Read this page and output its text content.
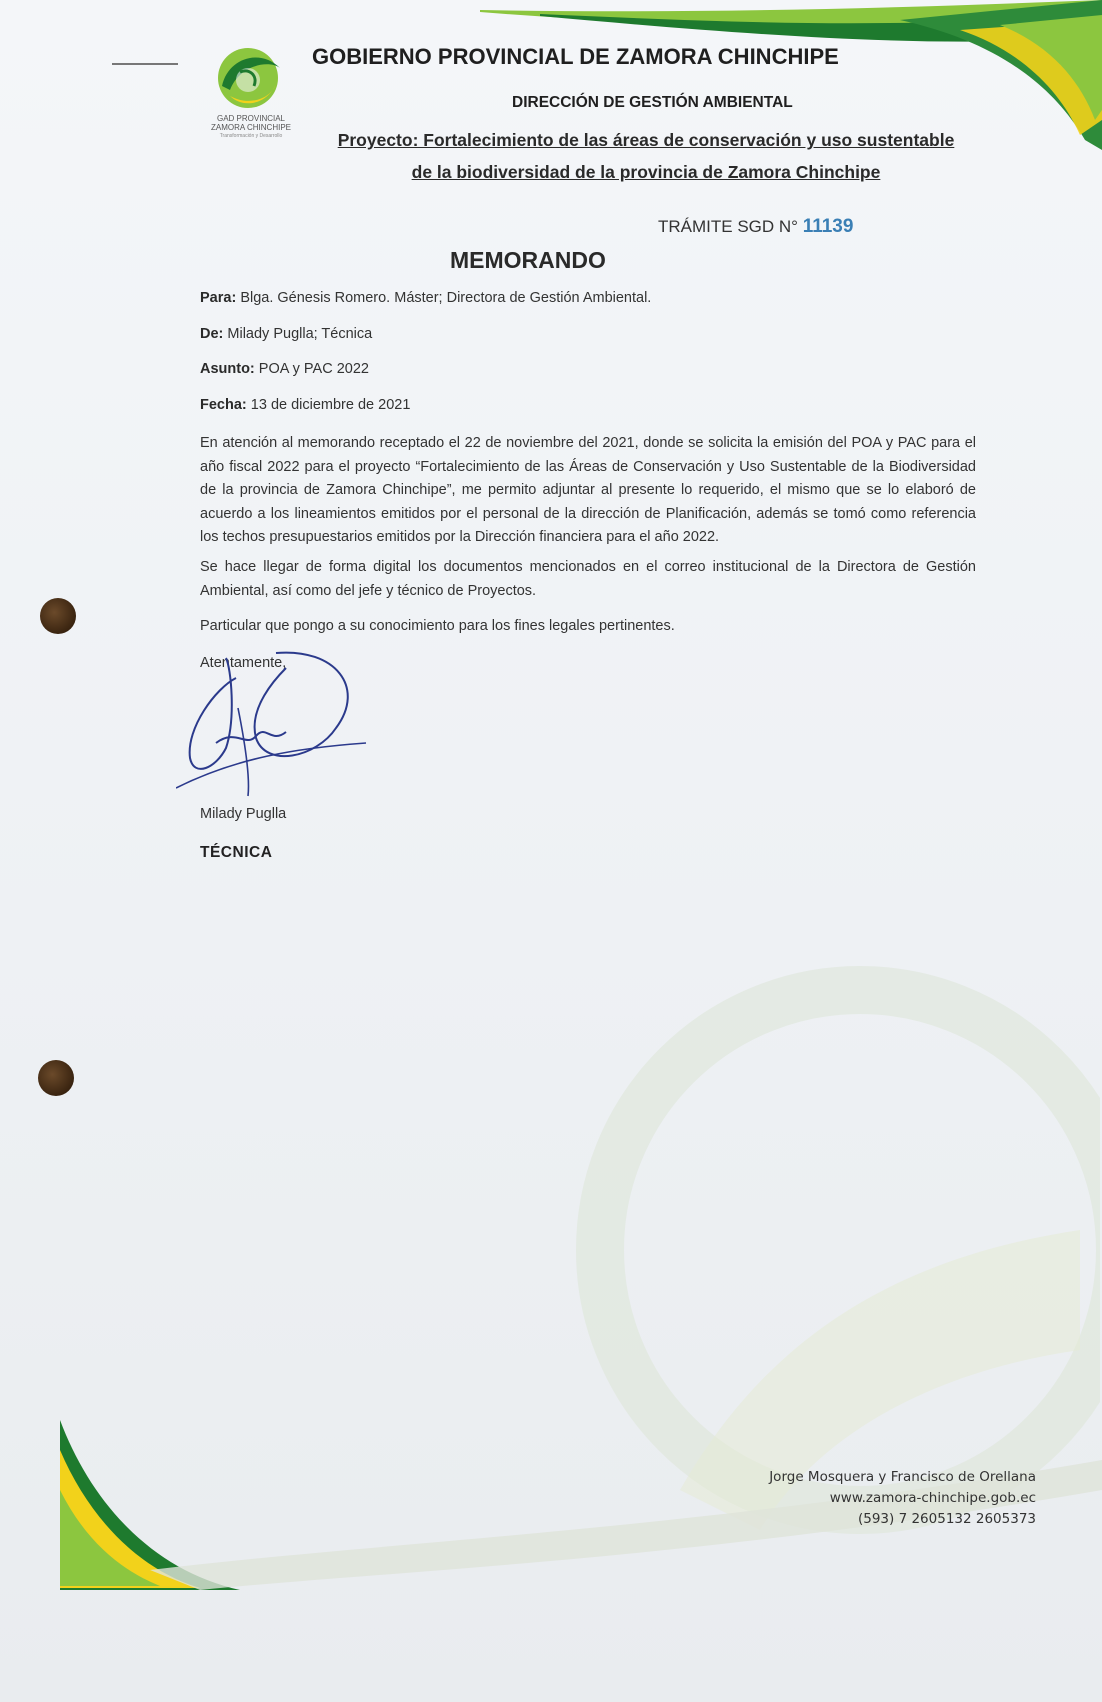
GAD PROVINCIAL
ZAMORA CHINCHIPE
Transformación y Desarrollo
GOBIERNO PROVINCIAL DE ZAMORA CHINCHIPE
DIRECCIÓN DE GESTIÓN AMBIENTAL
Proyecto: Fortalecimiento de las áreas de conservación y uso sustentable
de la biodiversidad de la provincia de Zamora Chinchipe
TRÁMITE SGD N° 11139
MEMORANDO
Para: Blga. Génesis Romero. Máster; Directora de Gestión Ambiental.
De: Milady Puglla; Técnica
Asunto: POA y PAC 2022
Fecha: 13 de diciembre de 2021
En atención al memorando receptado el 22 de noviembre del 2021, donde se solicita la emisión del POA y PAC para el año fiscal 2022 para el proyecto “Fortalecimiento de las Áreas de Conservación y Uso Sustentable de la Biodiversidad de la provincia de Zamora Chinchipe”, me permito adjuntar al presente lo requerido, el mismo que se lo elaboró de acuerdo a los lineamientos emitidos por el personal de la dirección de Planificación, además se tomó como referencia los techos presupuestarios emitidos por la Dirección financiera para el año 2022.
Se hace llegar de forma digital los documentos mencionados en el correo institucional de la Directora de Gestión Ambiental, así como del jefe y técnico de Proyectos.
Particular que pongo a su conocimiento para los fines legales pertinentes.
Atentamente,
Milady Puglla
TÉCNICA
Jorge Mosquera y Francisco de Orellana
www.zamora-chinchipe.gob.ec
(593) 7 2605132 2605373
